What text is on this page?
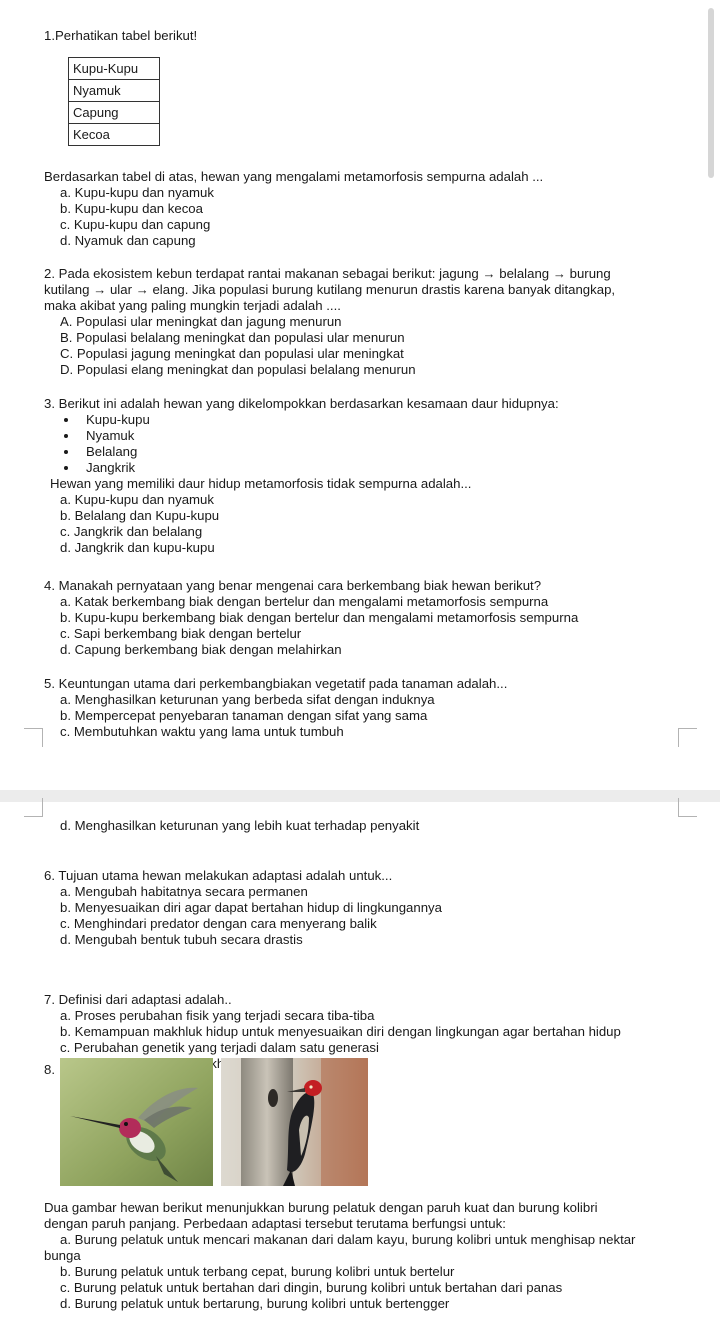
1.Perhatikan tabel berikut!
Kupu-Kupu
Nyamuk
Capung
Kecoa
Berdasarkan tabel di atas, hewan yang mengalami metamorfosis sempurna adalah ...
a. Kupu-kupu dan nyamuk
b. Kupu-kupu dan kecoa
c. Kupu-kupu dan capung
d. Nyamuk dan capung
2. Pada ekosistem kebun terdapat rantai makanan sebagai berikut: jagung → belalang → burung
kutilang → ular → elang. Jika populasi burung kutilang menurun drastis karena banyak ditangkap,
maka akibat yang paling mungkin terjadi adalah ....
A. Populasi ular meningkat dan jagung menurun
B. Populasi belalang meningkat dan populasi ular menurun
C. Populasi jagung meningkat dan populasi ular meningkat
D. Populasi elang meningkat dan populasi belalang menurun
3. Berikut ini adalah hewan yang dikelompokkan berdasarkan kesamaan daur hidupnya:
Kupu-kupu
Nyamuk
Belalang
Jangkrik
Hewan yang memiliki daur hidup metamorfosis tidak sempurna adalah...
a. Kupu-kupu dan nyamuk
b. Belalang dan Kupu-kupu
c. Jangkrik dan belalang
d. Jangkrik dan kupu-kupu
4. Manakah pernyataan yang benar mengenai cara berkembang biak hewan berikut?
a. Katak berkembang biak dengan bertelur dan mengalami metamorfosis sempurna
b. Kupu-kupu berkembang biak dengan bertelur dan mengalami metamorfosis sempurna
c. Sapi berkembang biak dengan bertelur
d. Capung berkembang biak dengan melahirkan
5. Keuntungan utama dari perkembangbiakan vegetatif pada tanaman adalah...
a. Menghasilkan keturunan yang berbeda sifat dengan induknya
b. Mempercepat penyebaran tanaman dengan sifat yang sama
c. Membutuhkan waktu yang lama untuk tumbuh
d. Menghasilkan keturunan yang lebih kuat terhadap penyakit
6. Tujuan utama hewan melakukan adaptasi adalah untuk...
a. Mengubah habitatnya secara permanen
b. Menyesuaikan diri agar dapat bertahan hidup di lingkungannya
c. Menghindari predator dengan cara menyerang balik
d. Mengubah bentuk tubuh secara drastis
7. Definisi dari adaptasi adalah..
a. Proses perubahan fisik yang terjadi secara tiba-tiba
b. Kemampuan makhluk hidup untuk menyesuaikan diri dengan lingkungan agar bertahan hidup
c. Perubahan genetik yang terjadi dalam satu generasi
makhluk
8.
Dua gambar hewan berikut menunjukkan burung pelatuk dengan paruh kuat dan burung kolibri
dengan paruh panjang. Perbedaan adaptasi tersebut terutama berfungsi untuk:
a. Burung pelatuk untuk mencari makanan dari dalam kayu, burung kolibri untuk menghisap nektar
bunga
b. Burung pelatuk untuk terbang cepat, burung kolibri untuk bertelur
c. Burung pelatuk untuk bertahan dari dingin, burung kolibri untuk bertahan dari panas
d. Burung pelatuk untuk bertarung, burung kolibri untuk bertengger
